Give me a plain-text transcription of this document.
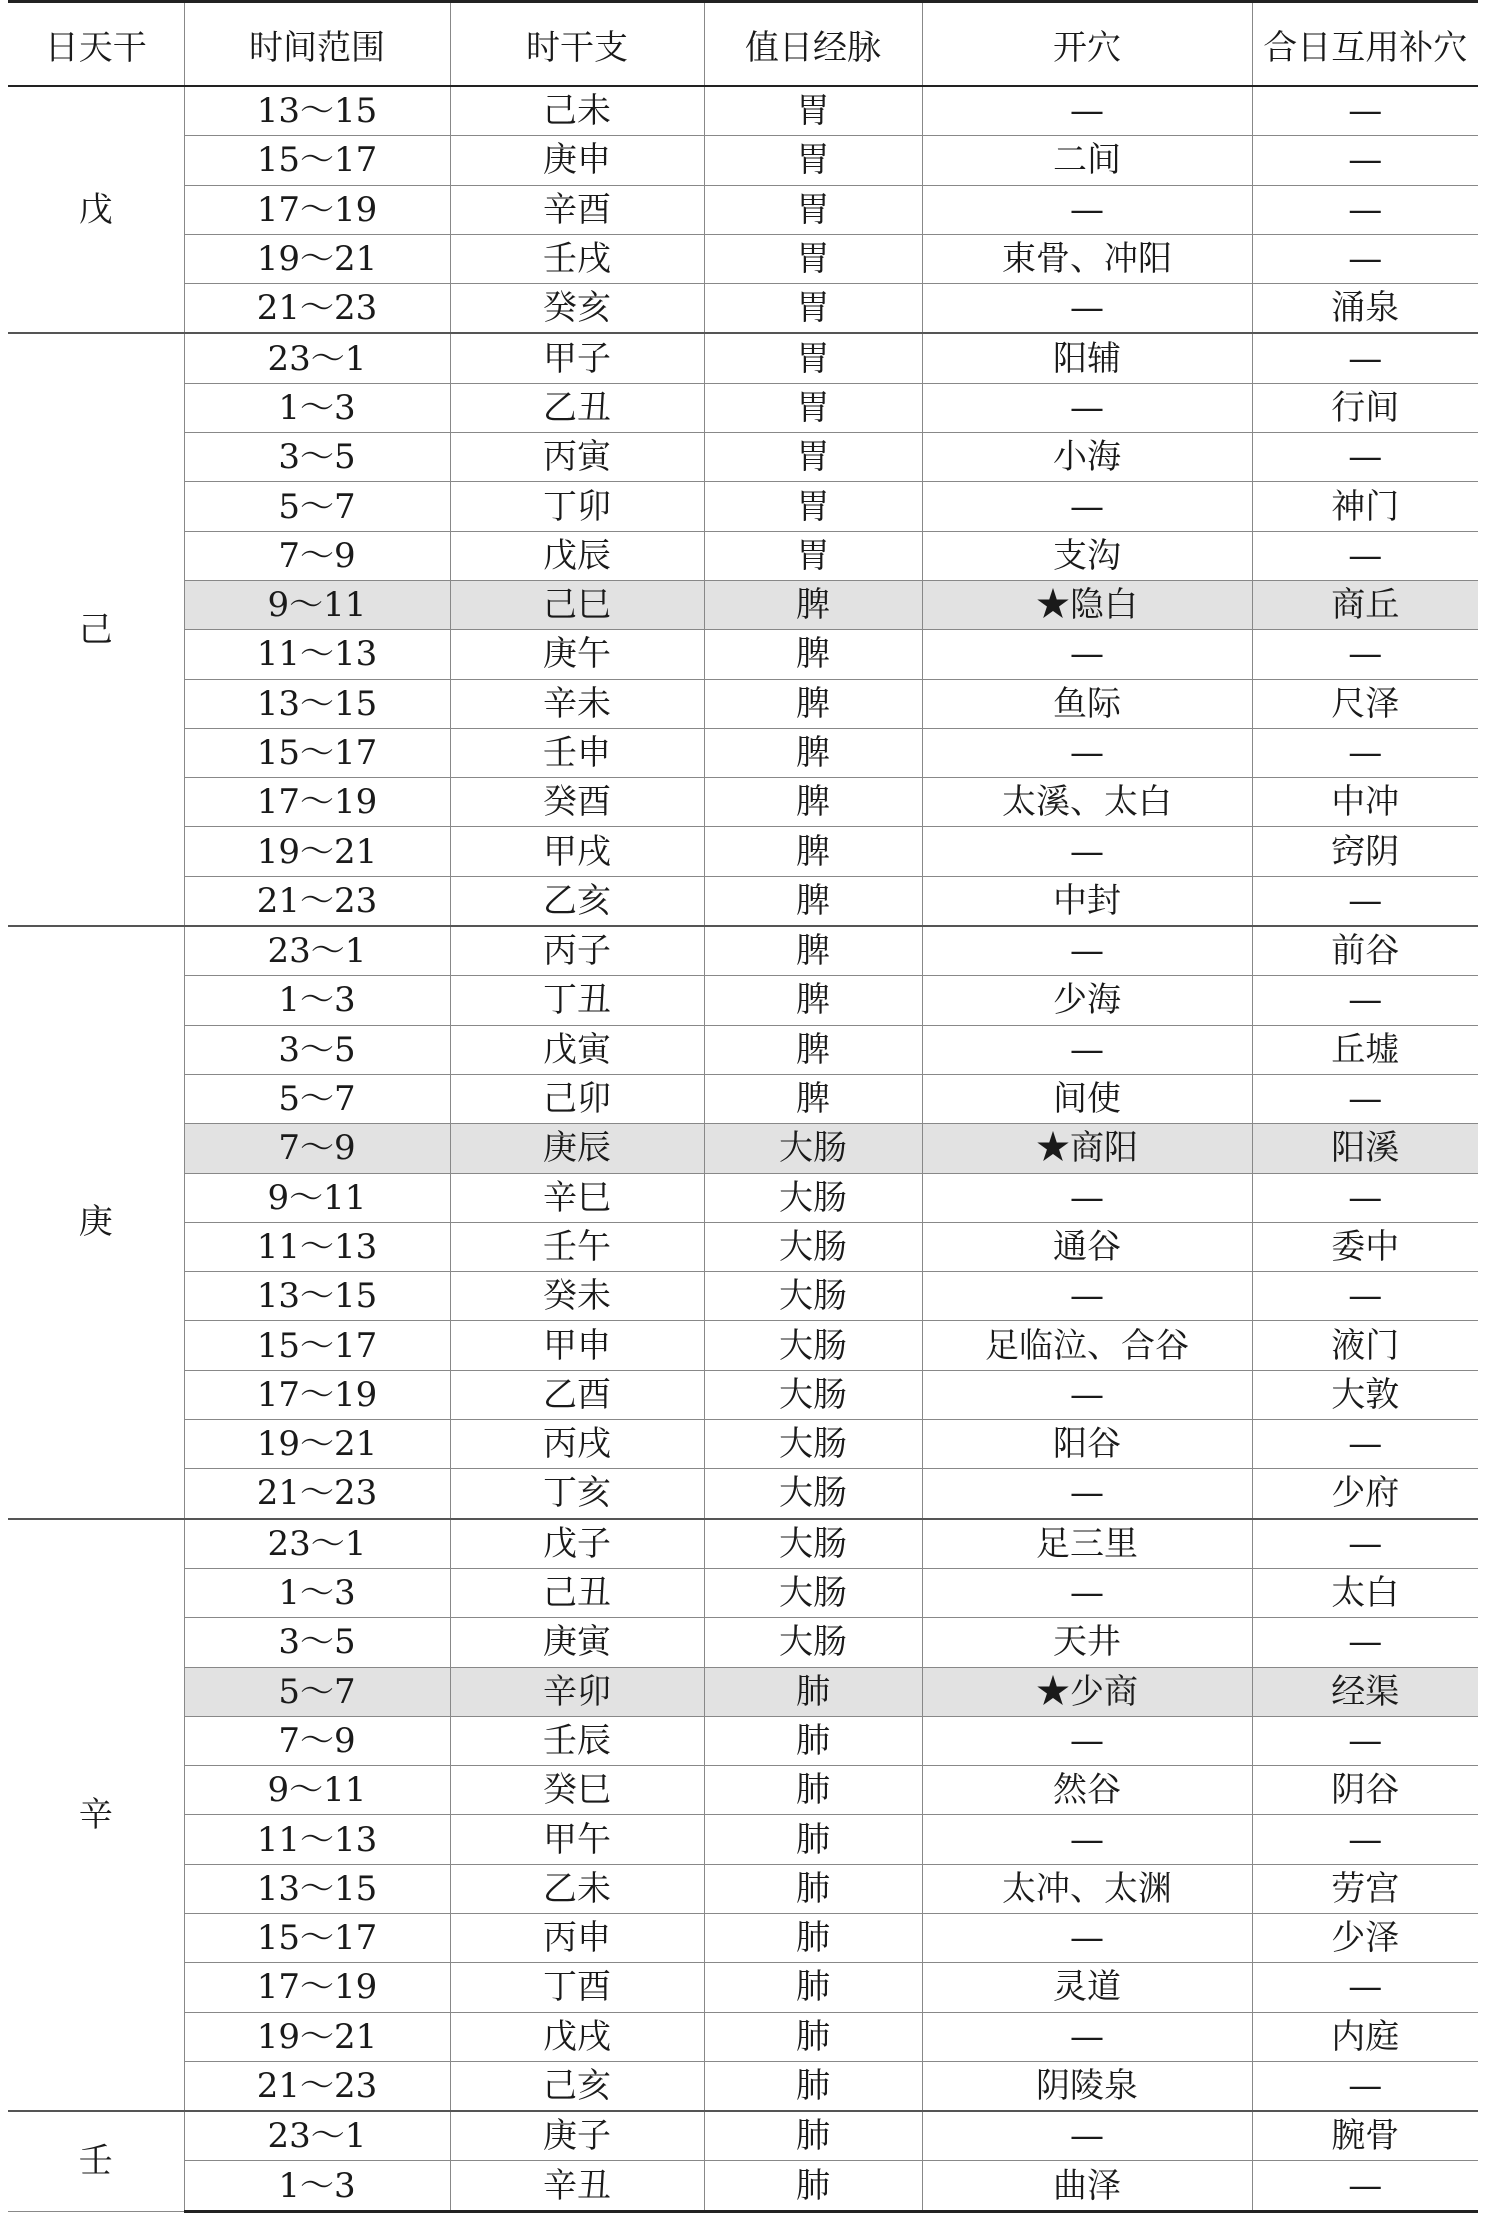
日天干	时间范围	时干支	值日经脉	开穴	合日互用补穴
戊	13～15	己未	胃	—	—
	15～17	庚申	胃	二间	—
	17～19	辛酉	胃	—	—
	19～21	壬戌	胃	束骨、冲阳	—
	21～23	癸亥	胃	—	涌泉
己	23～1	甲子	胃	阳辅	—
	1～3	乙丑	胃	—	行间
	3～5	丙寅	胃	小海	—
	5～7	丁卯	胃	—	神门
	7～9	戊辰	胃	支沟	—
	9～11	己巳	脾	★隐白	商丘
	11～13	庚午	脾	—	—
	13～15	辛未	脾	鱼际	尺泽
	15～17	壬申	脾	—	—
	17～19	癸酉	脾	太溪、太白	中冲
	19～21	甲戌	脾	—	窍阴
	21～23	乙亥	脾	中封	—
庚	23～1	丙子	脾	—	前谷
	1～3	丁丑	脾	少海	—
	3～5	戊寅	脾	—	丘墟
	5～7	己卯	脾	间使	—
	7～9	庚辰	大肠	★商阳	阳溪
	9～11	辛巳	大肠	—	—
	11～13	壬午	大肠	通谷	委中
	13～15	癸未	大肠	—	—
	15～17	甲申	大肠	足临泣、合谷	液门
	17～19	乙酉	大肠	—	大敦
	19～21	丙戌	大肠	阳谷	—
	21～23	丁亥	大肠	—	少府
辛	23～1	戊子	大肠	足三里	—
	1～3	己丑	大肠	—	太白
	3～5	庚寅	大肠	天井	—
	5～7	辛卯	肺	★少商	经渠
	7～9	壬辰	肺	—	—
	9～11	癸巳	肺	然谷	阴谷
	11～13	甲午	肺	—	—
	13～15	乙未	肺	太冲、太渊	劳宫
	15～17	丙申	肺	—	少泽
	17～19	丁酉	肺	灵道	—
	19～21	戊戌	肺	—	内庭
	21～23	己亥	肺	阴陵泉	—
壬	23～1	庚子	肺	—	腕骨
	1～3	辛丑	肺	曲泽	—
